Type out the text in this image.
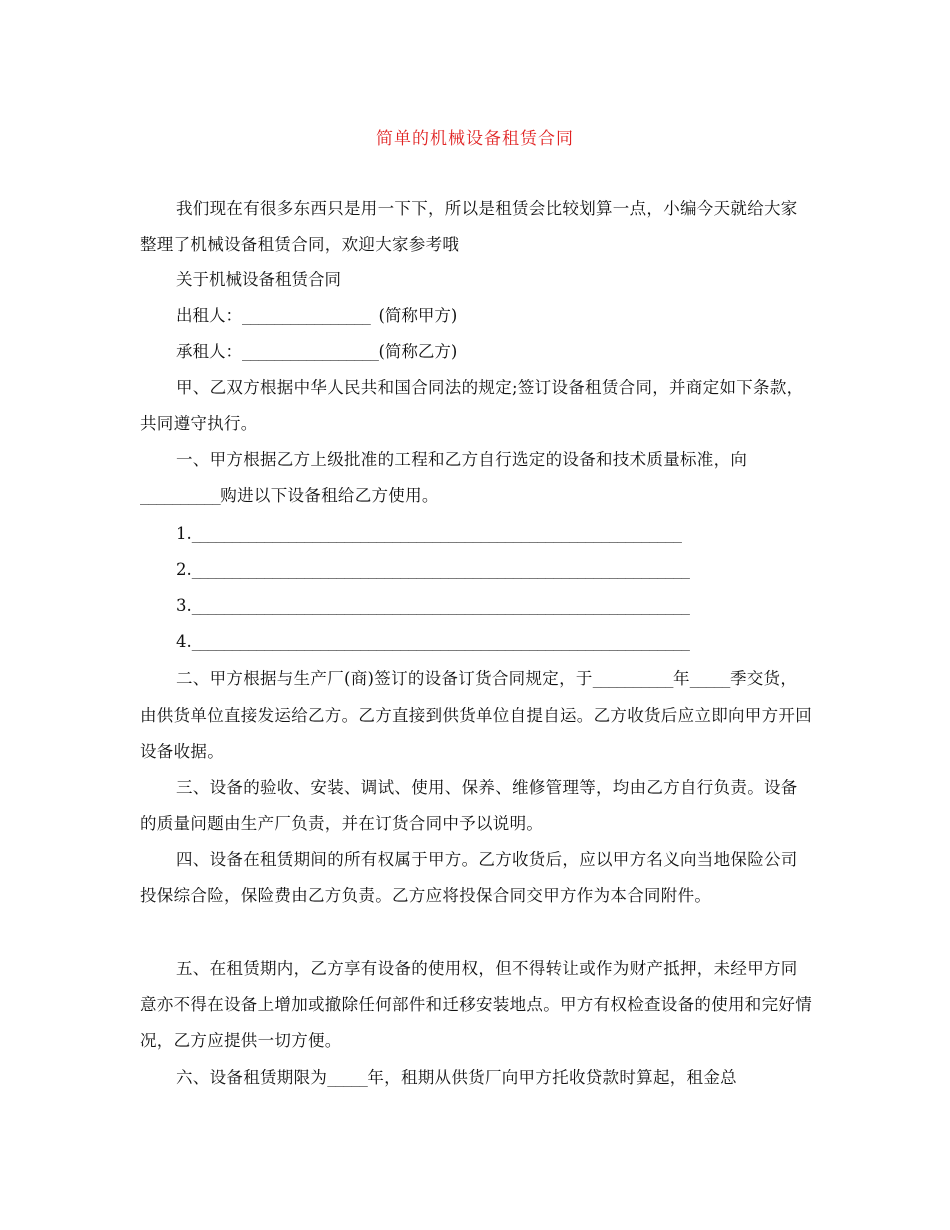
简单的机械设备租赁合同
我们现在有很多东西只是用一下下，所以是租赁会比较划算一点，小编今天就给大家整理了机械设备租赁合同，欢迎大家参考哦
关于机械设备租赁合同
出租人：________________ (简称甲方)
承租人：_________________(简称乙方)
甲、乙双方根据中华人民共和国合同法的规定;签订设备租赁合同，并商定如下条款，共同遵守执行。
一、甲方根据乙方上级批准的工程和乙方自行选定的设备和技术质量标准，向__________购进以下设备租给乙方使用。
1._____________________________________________________________
2.______________________________________________________________
3.______________________________________________________________
4.______________________________________________________________
二、甲方根据与生产厂(商)签订的设备订货合同规定，于__________年_____季交货，由供货单位直接发运给乙方。乙方直接到供货单位自提自运。乙方收货后应立即向甲方开回设备收据。
三、设备的验收、安装、调试、使用、保养、维修管理等，均由乙方自行负责。设备的质量问题由生产厂负责，并在订货合同中予以说明。
四、设备在租赁期间的所有权属于甲方。乙方收货后，应以甲方名义向当地保险公司投保综合险，保险费由乙方负责。乙方应将投保合同交甲方作为本合同附件。
五、在租赁期内，乙方享有设备的使用权，但不得转让或作为财产抵押，未经甲方同意亦不得在设备上增加或撤除任何部件和迁移安装地点。甲方有权检查设备的使用和完好情况，乙方应提供一切方便。
六、设备租赁期限为_____年，租期从供货厂向甲方托收贷款时算起，租金总
